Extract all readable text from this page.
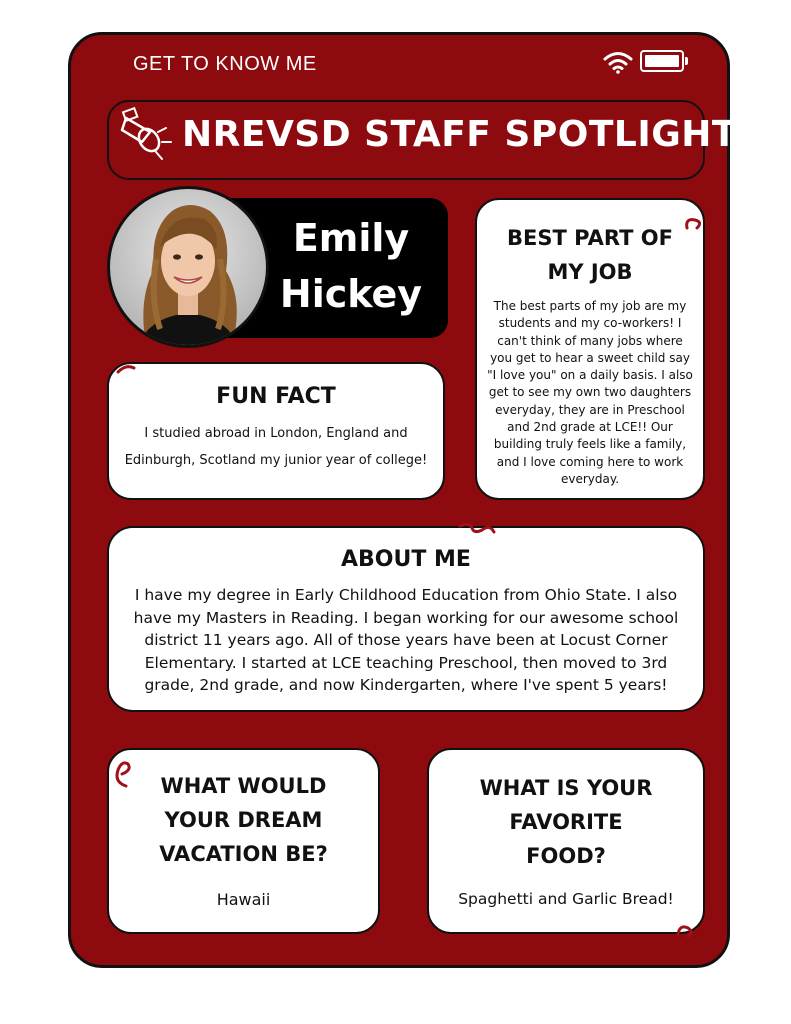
GET TO KNOW ME
NREVSD STAFF SPOTLIGHT
Emily
Hickey
BEST PART OF
MY JOB
The best parts of my job are my
students and my co-workers! I
can't think of many jobs where
you get to hear a sweet child say
"I love you" on a daily basis. I also
get to see my own two daughters
everyday, they are in Preschool
and 2nd grade at LCE!! Our
building truly feels like a family,
and I love coming here to work
everyday.
FUN FACT
I studied abroad in London, England and
Edinburgh, Scotland my junior year of college!
ABOUT ME
I have my degree in Early Childhood Education from Ohio State. I also
have my Masters in Reading. I began working for our awesome school
district 11 years ago. All of those years have been at Locust Corner
Elementary. I started at LCE teaching Preschool, then moved to 3rd
grade, 2nd grade, and now Kindergarten, where I've spent 5 years!
WHAT WOULD
YOUR DREAM
VACATION BE?
Hawaii
WHAT IS YOUR
FAVORITE
FOOD?
Spaghetti and Garlic Bread!
